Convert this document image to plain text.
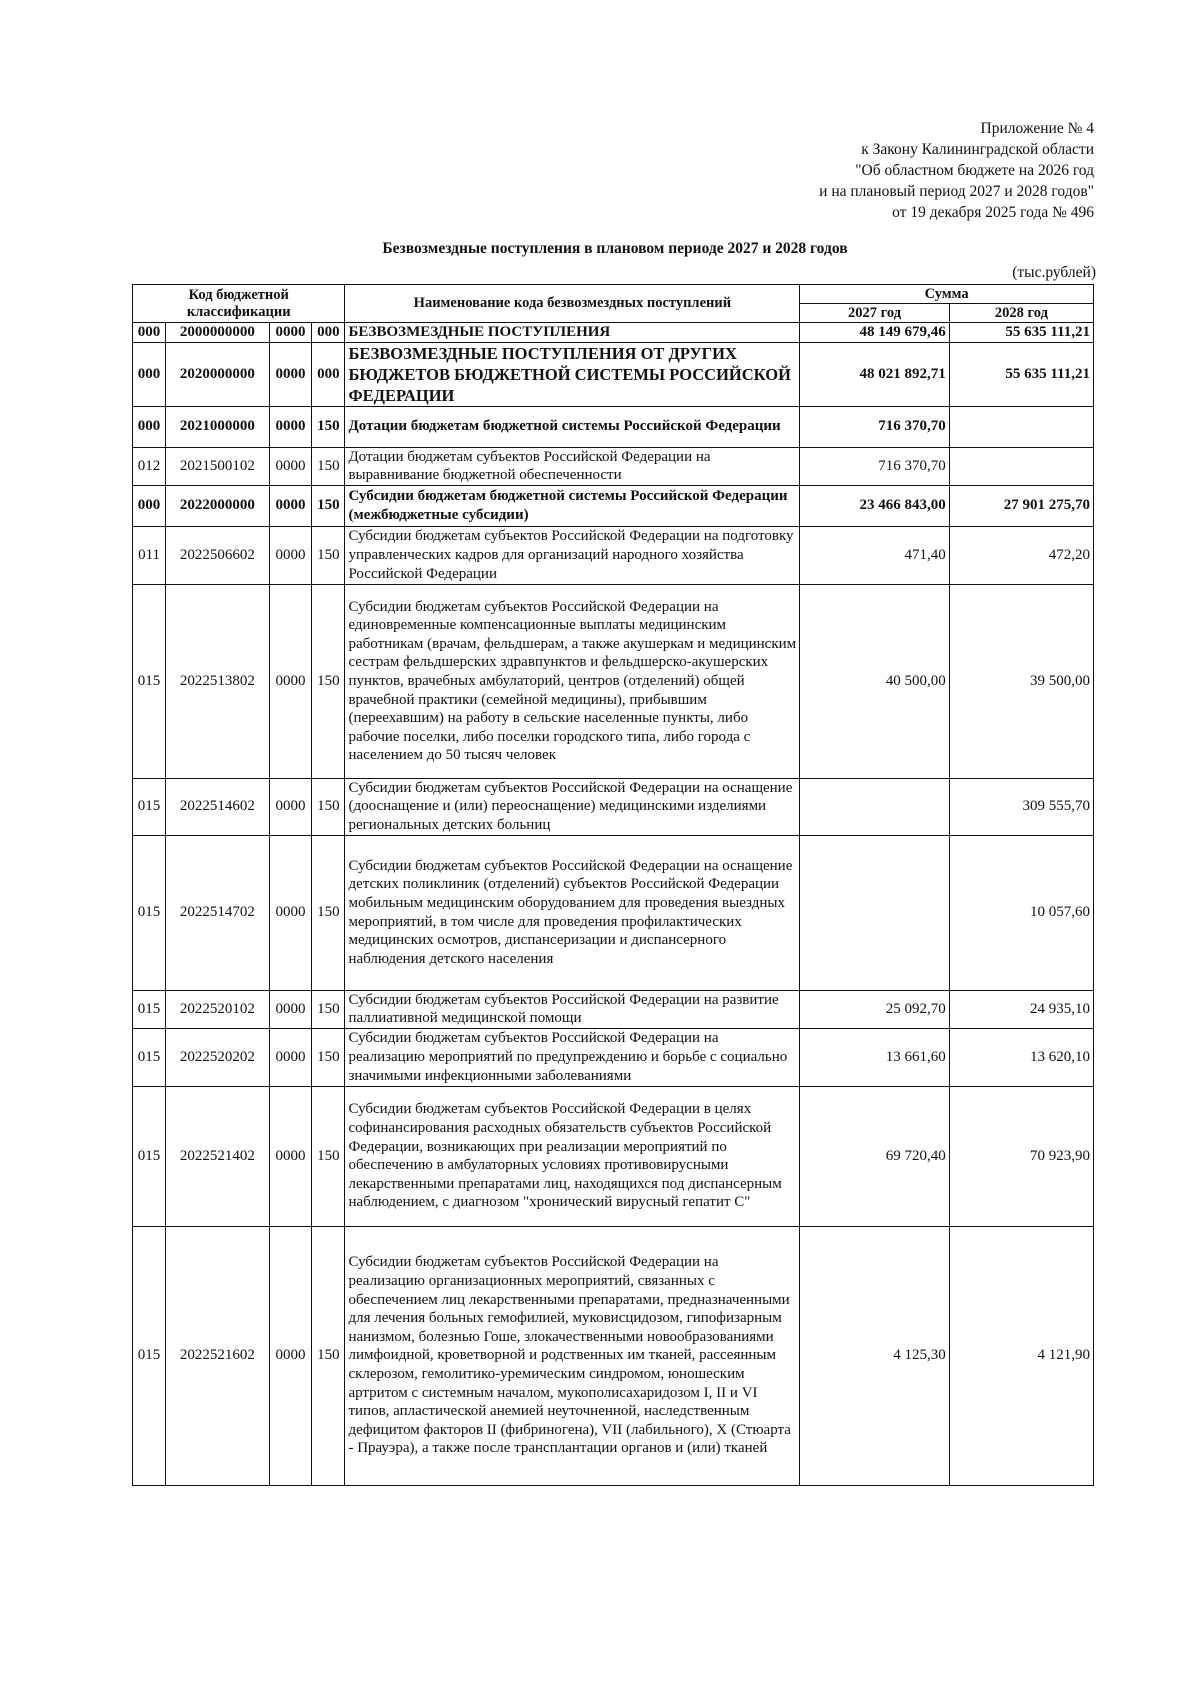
Приложение № 4
к Закону Калининградской области
"Об областном бюджете на 2026 год
и на плановый период 2027 и 2028 годов"
от 19 декабря 2025 года № 496
Безвозмездные поступления в плановом периоде 2027 и 2028 годов
(тыс.рублей)
Код бюджетной классификации				Наименование кода безвозмездных поступлений	Сумма	
					2027 год	2028 год
000	2000000000	0000	000	БЕЗВОЗМЕЗДНЫЕ ПОСТУПЛЕНИЯ	48 149 679,46	55 635 111,21
000	2020000000	0000	000	БЕЗВОЗМЕЗДНЫЕ ПОСТУПЛЕНИЯ ОТ ДРУГИХ БЮДЖЕТОВ БЮДЖЕТНОЙ СИСТЕМЫ РОССИЙСКОЙ ФЕДЕРАЦИИ	48 021 892,71	55 635 111,21
000	2021000000	0000	150	Дотации бюджетам бюджетной системы Российской Федерации	716 370,70	
012	2021500102	0000	150	Дотации бюджетам субъектов Российской Федерации на выравнивание бюджетной обеспеченности	716 370,70	
000	2022000000	0000	150	Субсидии бюджетам бюджетной системы Российской Федерации (межбюджетные субсидии)	23 466 843,00	27 901 275,70
011	2022506602	0000	150	Субсидии бюджетам субъектов Российской Федерации на подготовку управленческих кадров для организаций народного хозяйства Российской Федерации	471,40	472,20
015	2022513802	0000	150	Субсидии бюджетам субъектов Российской Федерации на единовременные компенсационные выплаты медицинским работникам (врачам, фельдшерам, а также акушеркам и медицинским сестрам фельдшерских здравпунктов и фельдшерско-акушерских пунктов, врачебных амбулаторий, центров (отделений) общей врачебной практики (семейной медицины), прибывшим (переехавшим) на работу в сельские населенные пункты, либо рабочие поселки, либо поселки городского типа, либо города с населением до 50 тысяч человек	40 500,00	39 500,00
015	2022514602	0000	150	Субсидии бюджетам субъектов Российской Федерации на оснащение (дооснащение и (или) переоснащение) медицинскими изделиями региональных детских больниц		309 555,70
015	2022514702	0000	150	Субсидии бюджетам субъектов Российской Федерации на оснащение детских поликлиник (отделений) субъектов Российской Федерации мобильным медицинским оборудованием для проведения выездных мероприятий, в том числе для проведения профилактических медицинских осмотров, диспансеризации и диспансерного наблюдения детского населения		10 057,60
015	2022520102	0000	150	Субсидии бюджетам субъектов Российской Федерации на развитие паллиативной медицинской помощи	25 092,70	24 935,10
015	2022520202	0000	150	Субсидии бюджетам субъектов Российской Федерации на реализацию мероприятий по предупреждению и борьбе с социально значимыми инфекционными заболеваниями	13 661,60	13 620,10
015	2022521402	0000	150	Субсидии бюджетам субъектов Российской Федерации в целях софинансирования расходных обязательств субъектов Российской Федерации, возникающих при реализации мероприятий по обеспечению в амбулаторных условиях противовирусными лекарственными препаратами лиц, находящихся под диспансерным наблюдением, с диагнозом "хронический вирусный гепатит С"	69 720,40	70 923,90
015	2022521602	0000	150	Субсидии бюджетам субъектов Российской Федерации на реализацию организационных мероприятий, связанных с обеспечением лиц лекарственными препаратами, предназначенными для лечения больных гемофилией, муковисцидозом, гипофизарным нанизмом, болезнью Гоше, злокачественными новообразованиями лимфоидной, кроветворной и родственных им тканей, рассеянным склерозом, гемолитико-уремическим синдромом, юношеским артритом с системным началом, мукополисахаридозом I, II и VI типов, апластической анемией неуточненной, наследственным дефицитом факторов II (фибриногена), VII (лабильного), X (Стюарта - Прауэра), а также после трансплантации органов и (или) тканей	4 125,30	4 121,90
